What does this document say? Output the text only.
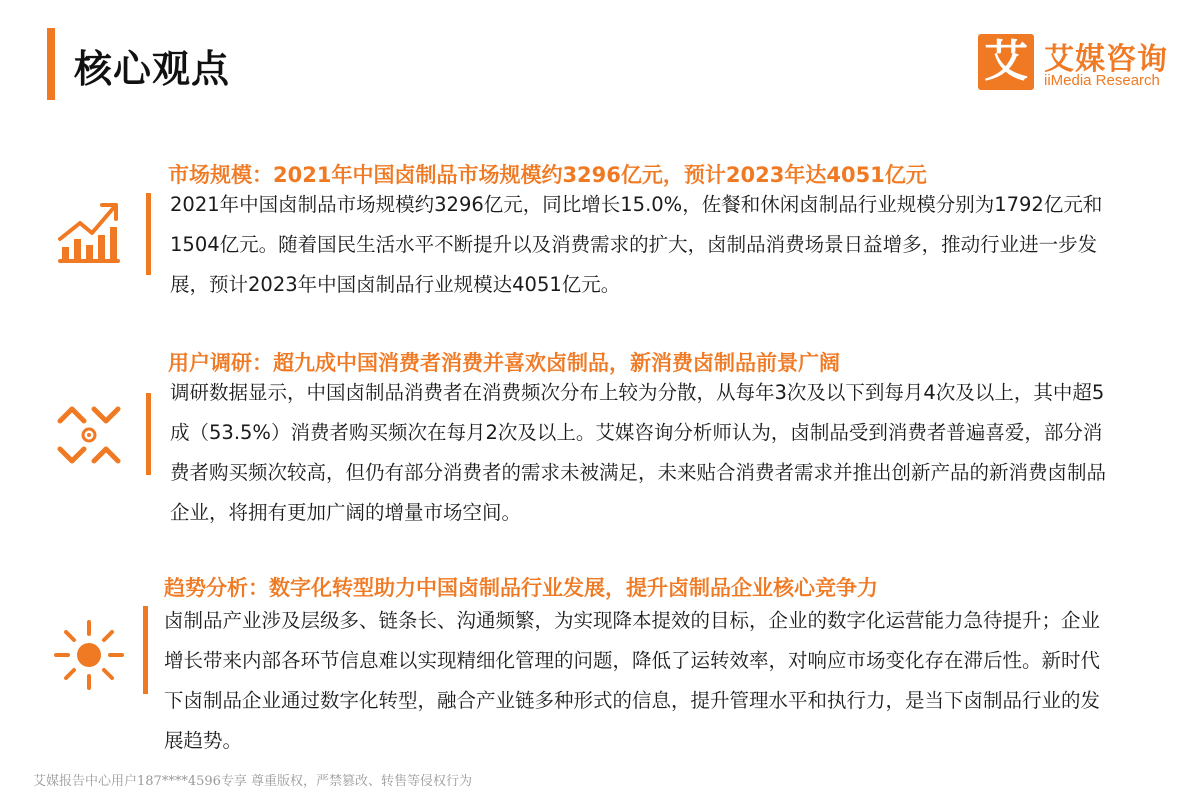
核心观点	艾 艾媒咨询
iiMedia Research
市场规模：2021年中国卤制品市场规模约3296亿元，预计2023年达4051亿元

2021年中国卤制品市场规模约3296亿元，同比增长15.0%，佐餐和休闲卤制品行业规模分别为1792亿元和1504亿元。随着国民生活水平不断提升以及消费需求的扩大，卤制品消费场景日益增多，推动行业进一步发展，预计2023年中国卤制品行业规模达4051亿元。

用户调研：超九成中国消费者消费并喜欢卤制品，新消费卤制品前景广阔

调研数据显示，中国卤制品消费者在消费频次分布上较为分散，从每年3次及以下到每月4次及以上，其中超5成（53.5%）消费者购买频次在每月2次及以上。艾媒咨询分析师认为，卤制品受到消费者普遍喜爱，部分消费者购买频次较高，但仍有部分消费者的需求未被满足，未来贴合消费者需求并推出创新产品的新消费卤制品企业，将拥有更加广阔的增量市场空间。

趋势分析：数字化转型助力中国卤制品行业发展，提升卤制品企业核心竞争力

卤制品产业涉及层级多、链条长、沟通频繁，为实现降本提效的目标，企业的数字化运营能力急待提升；企业增长带来内部各环节信息难以实现精细化管理的问题，降低了运转效率，对响应市场变化存在滞后性。新时代下卤制品企业通过数字化转型，融合产业链多种形式的信息，提升管理水平和执行力，是当下卤制品行业的发展趋势。

艾媒报告中心用户187****4596专享 尊重版权，严禁篡改、转售等侵权行为
